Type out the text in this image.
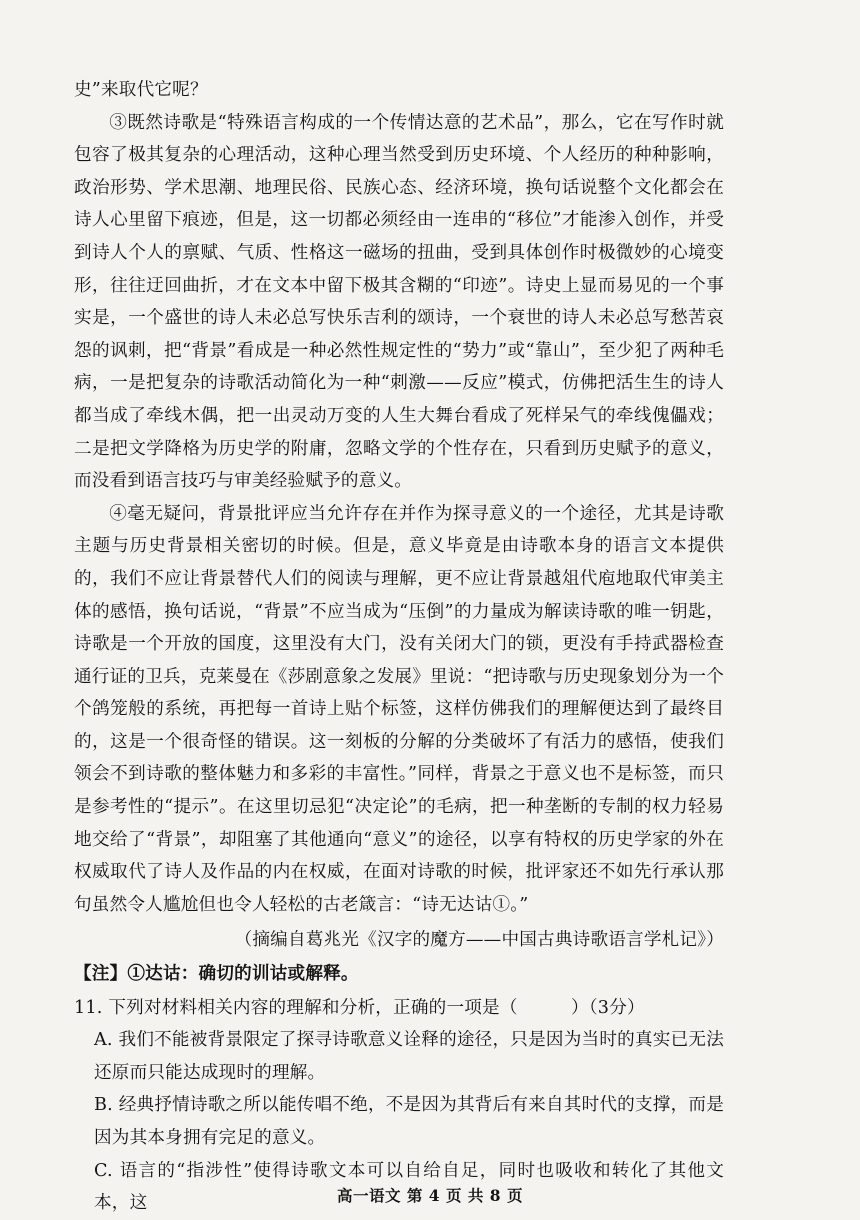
史”来取代它呢？

③既然诗歌是“特殊语言构成的一个传情达意的艺术品”，那么，它在写作时就包容了极其复杂的心理活动，这种心理当然受到历史环境、个人经历的种种影响，政治形势、学术思潮、地理民俗、民族心态、经济环境，换句话说整个文化都会在诗人心里留下痕迹，但是，这一切都必须经由一连串的“移位”才能渗入创作，并受到诗人个人的禀赋、气质、性格这一磁场的扭曲，受到具体创作时极微妙的心境变形，往往迂回曲折，才在文本中留下极其含糊的“印迹”。诗史上显而易见的一个事实是，一个盛世的诗人未必总写快乐吉利的颂诗，一个衰世的诗人未必总写愁苦哀怨的讽刺，把“背景”看成是一种必然性规定性的“势力”或“靠山”，至少犯了两种毛病，一是把复杂的诗歌活动简化为一种“刺激——反应”模式，仿佛把活生生的诗人都当成了牵线木偶，把一出灵动万变的人生大舞台看成了死样呆气的牵线傀儡戏；二是把文学降格为历史学的附庸，忽略文学的个性存在，只看到历史赋予的意义，而没看到语言技巧与审美经验赋予的意义。

④毫无疑问，背景批评应当允许存在并作为探寻意义的一个途径，尤其是诗歌主题与历史背景相关密切的时候。但是，意义毕竟是由诗歌本身的语言文本提供的，我们不应让背景替代人们的阅读与理解，更不应让背景越俎代庖地取代审美主体的感悟，换句话说，“背景”不应当成为“压倒”的力量成为解读诗歌的唯一钥匙，诗歌是一个开放的国度，这里没有大门，没有关闭大门的锁，更没有手持武器检查通行证的卫兵，克莱曼在《莎剧意象之发展》里说：“把诗歌与历史现象划分为一个个鸽笼般的系统，再把每一首诗上贴个标签，这样仿佛我们的理解便达到了最终目的，这是一个很奇怪的错误。这一刻板的分解的分类破坏了有活力的感悟，使我们领会不到诗歌的整体魅力和多彩的丰富性。”同样，背景之于意义也不是标签，而只是参考性的“提示”。在这里切忌犯“决定论”的毛病，把一种垄断的专制的权力轻易地交给了“背景”，却阻塞了其他通向“意义”的途径，以享有特权的历史学家的外在权威取代了诗人及作品的内在权威，在面对诗歌的时候，批评家还不如先行承认那句虽然令人尴尬但也令人轻松的古老箴言：“诗无达诂①。”

（摘编自葛兆光《汉字的魔方——中国古典诗歌语言学札记》）

【注】①达诂：确切的训诂或解释。

11. 下列对材料相关内容的理解和分析，正确的一项是（　　　）（3分）

A. 我们不能被背景限定了探寻诗歌意义诠释的途径，只是因为当时的真实已无法还原而只能达成现时的理解。

B. 经典抒情诗歌之所以能传唱不绝，不是因为其背后有来自其时代的支撑，而是因为其本身拥有完足的意义。

C. 语言的“指涉性”使得诗歌文本可以自给自足，同时也吸收和转化了其他文本，这	高一语文 第 4 页 共 8 页
